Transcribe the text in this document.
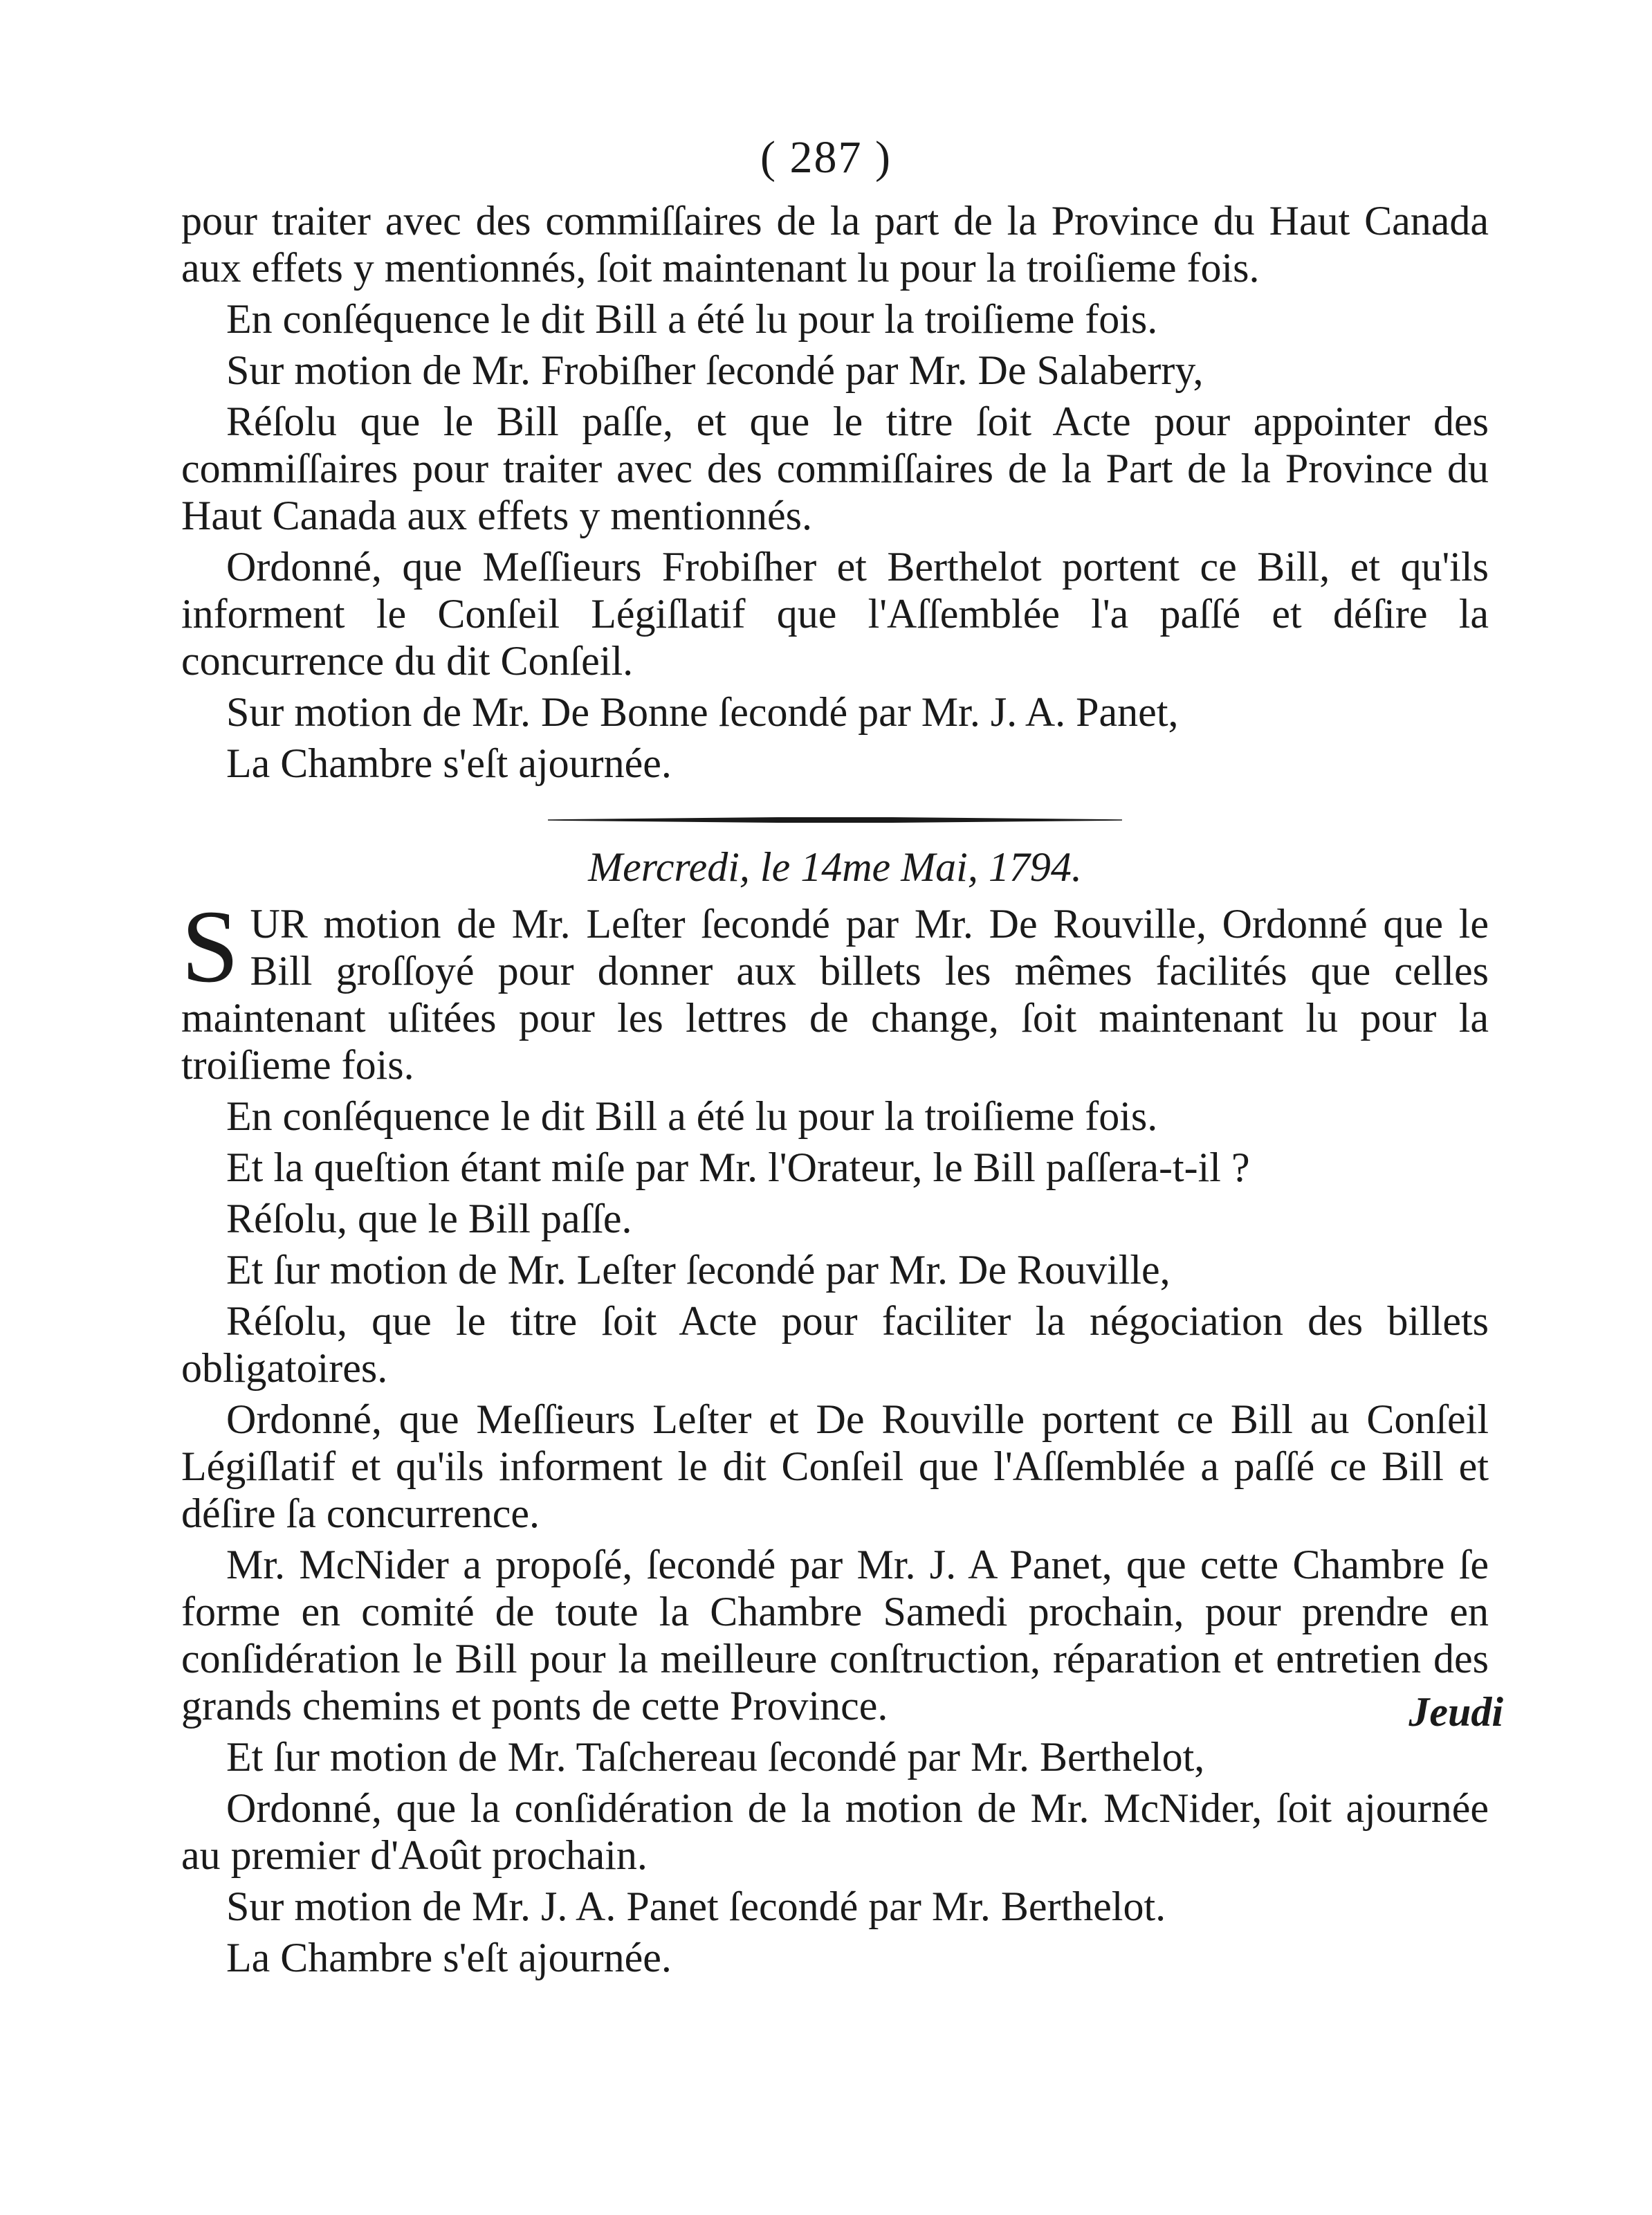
( 287 )

pour traiter avec des commiſſaires de la part de la Province du Haut Canada aux effets y mentionnés, ſoit maintenant lu pour la troiſieme fois.

En conſéquence le dit Bill a été lu pour la troiſieme fois.

Sur motion de Mr. Frobiſher ſecondé par Mr. De Salaberry,

Réſolu que le Bill paſſe, et que le titre ſoit Acte pour appointer des commiſſaires pour traiter avec des commiſſaires de la Part de la Province du Haut Canada aux effets y mentionnés.

Ordonné, que Meſſieurs Frobiſher et Berthelot portent ce Bill, et qu'ils informent le Conſeil Légiſlatif que l'Aſſemblée l'a paſſé et déſire la concurrence du dit Conſeil.

Sur motion de Mr. De Bonne ſecondé par Mr. J. A. Panet,

La Chambre s'eſt ajournée.

Mercredi, le 14me Mai, 1794.

S UR motion de Mr. Leſter ſecondé par Mr. De Rouville, Ordonné que le Bill groſſoyé pour donner aux billets les mêmes facilités que celles maintenant uſitées pour les lettres de change, ſoit maintenant lu pour la troiſieme fois.

En conſéquence le dit Bill a été lu pour la troiſieme fois.

Et la queſtion étant miſe par Mr. l'Orateur, le Bill paſſera-t-il ?

Réſolu, que le Bill paſſe.

Et ſur motion de Mr. Leſter ſecondé par Mr. De Rouville,

Réſolu, que le titre ſoit Acte pour faciliter la négociation des billets obligatoires.

Ordonné, que Meſſieurs Leſter et De Rouville portent ce Bill au Conſeil Légiſlatif et qu'ils informent le dit Conſeil que l'Aſſemblée a paſſé ce Bill et déſire ſa concurrence.

Mr. McNider a propoſé, ſecondé par Mr. J. A Panet, que cette Chambre ſe forme en comité de toute la Chambre Samedi prochain, pour prendre en conſidération le Bill pour la meilleure conſtruction, réparation et entretien des grands chemins et ponts de cette Province.

Et ſur motion de Mr. Taſchereau ſecondé par Mr. Berthelot,

Ordonné, que la conſidération de la motion de Mr. McNider, ſoit ajournée au premier d'Août prochain.

Sur motion de Mr. J. A. Panet ſecondé par Mr. Berthelot.

La Chambre s'eſt ajournée.

Jeudi
